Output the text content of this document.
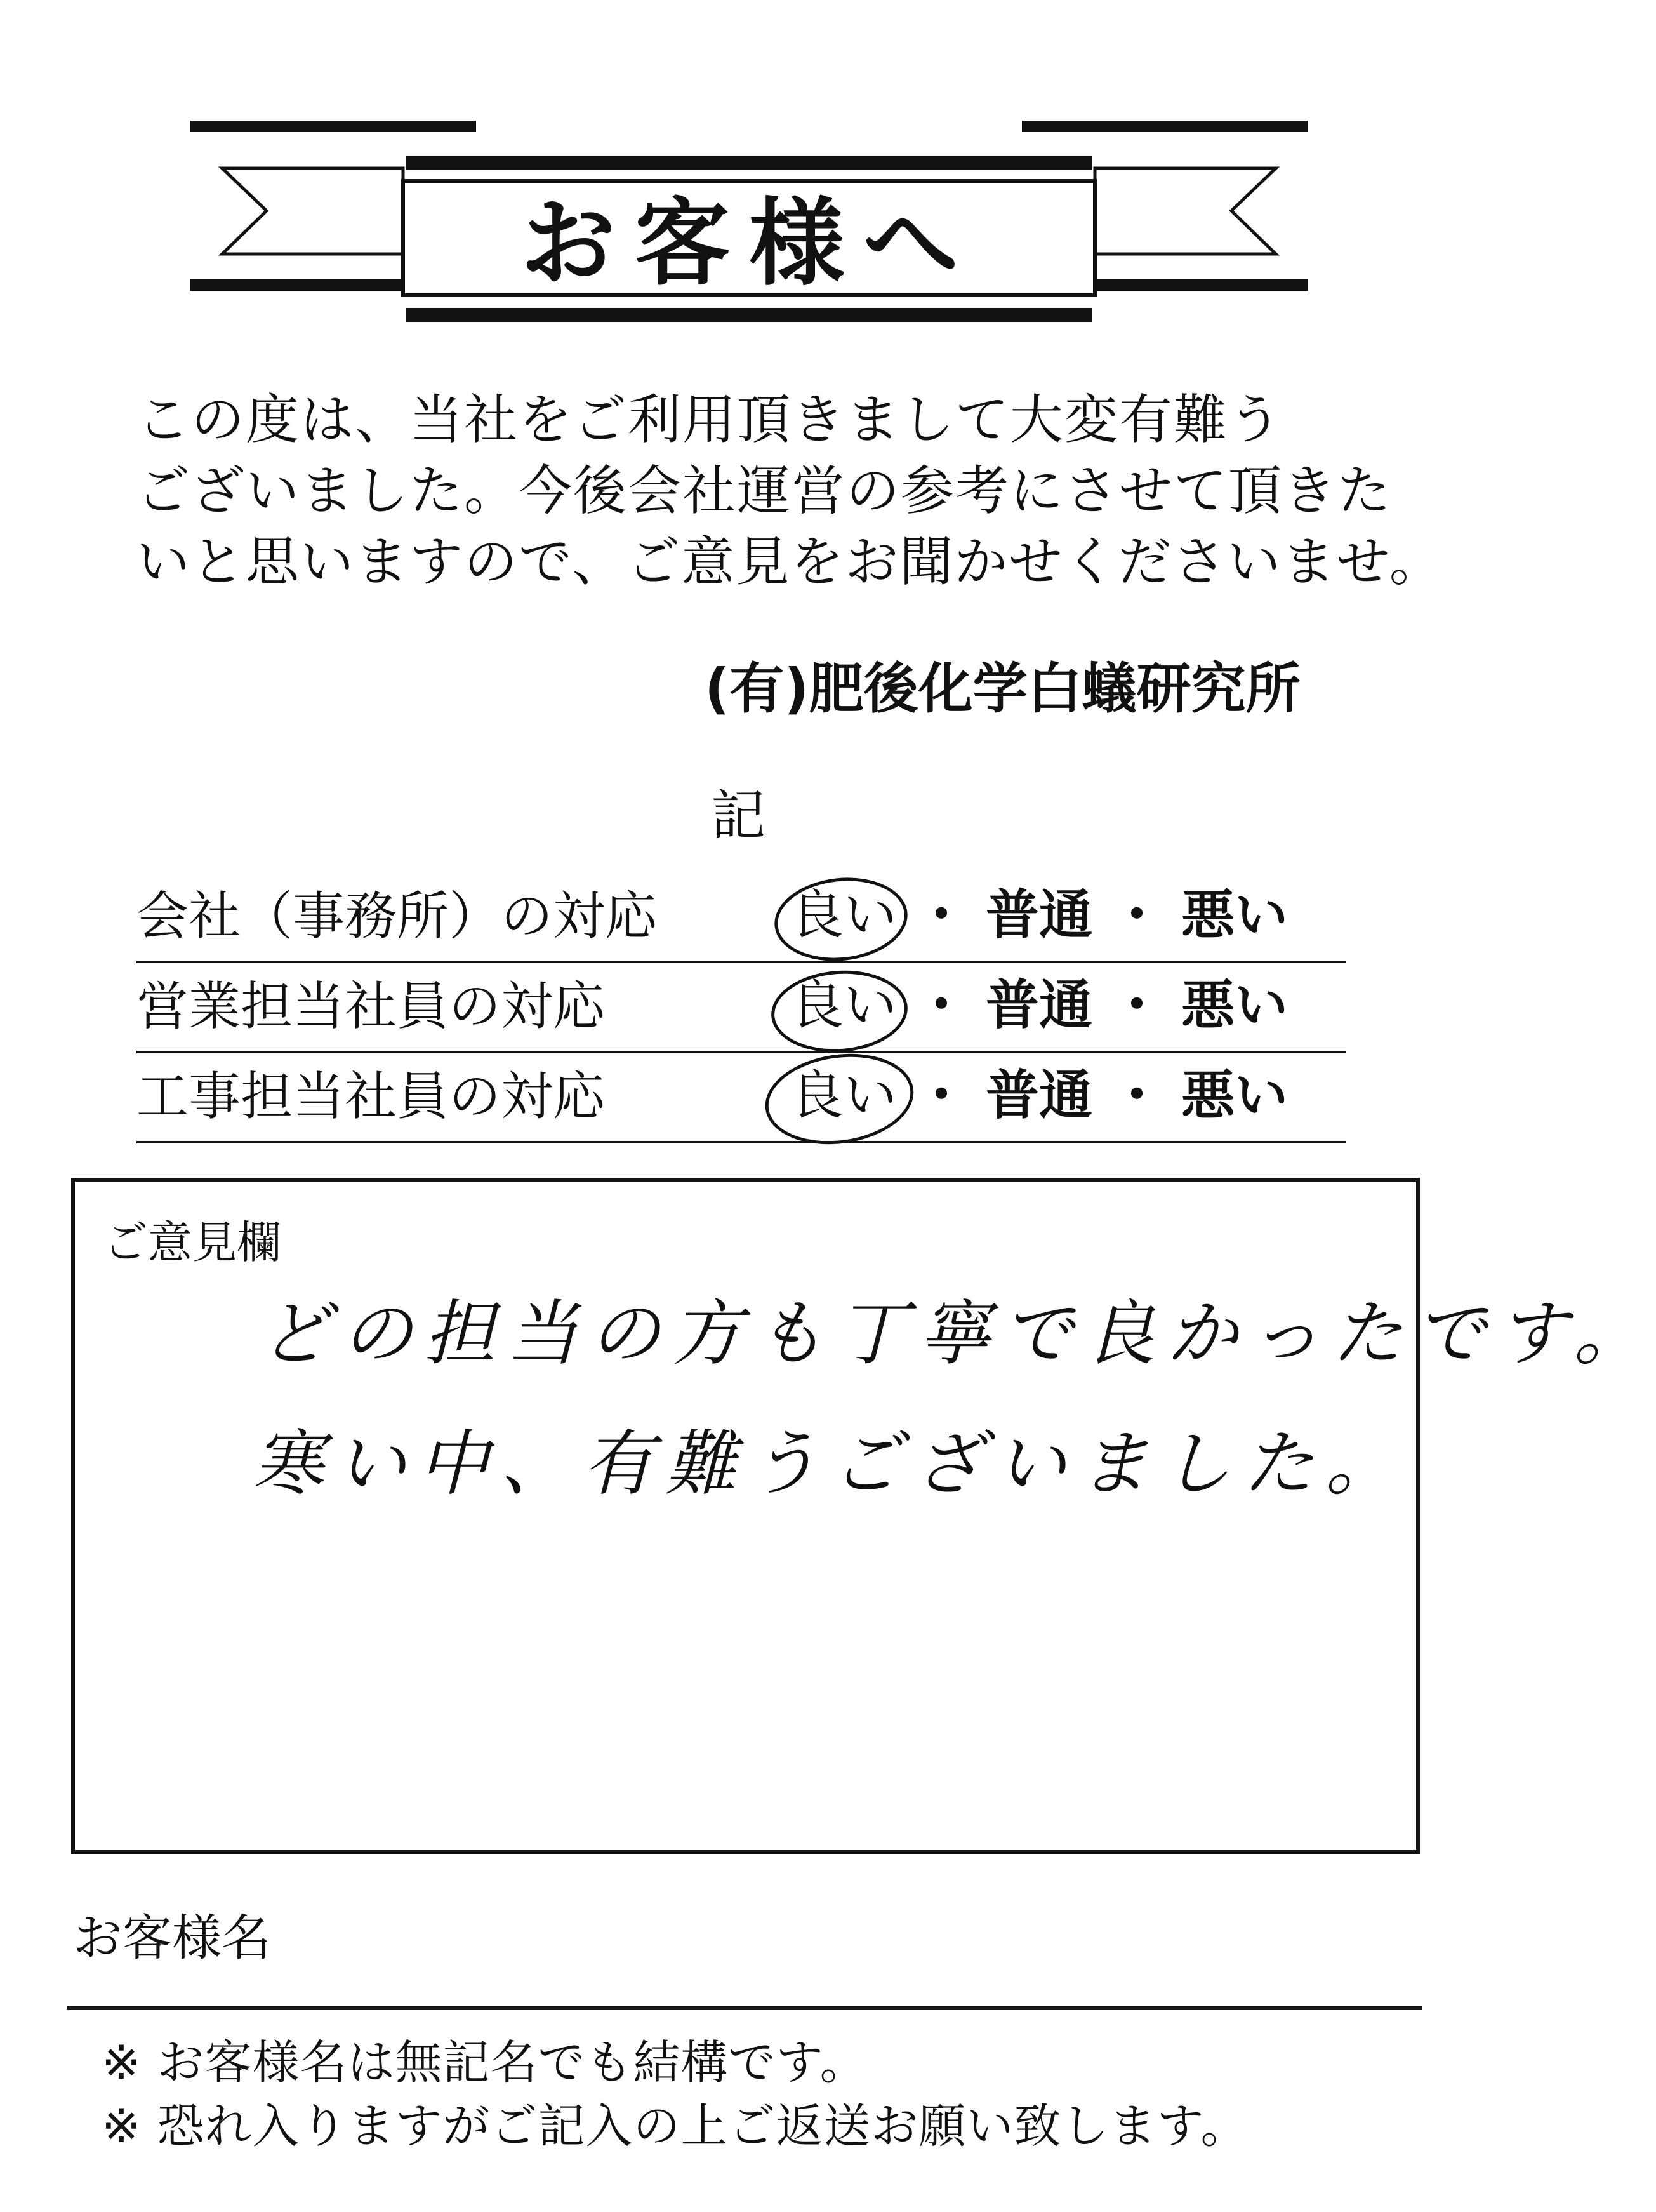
お客様へ

この度は、当社をご利用頂きまして大変有難う

ございました。今後会社運営の参考にさせて頂きた

いと思いますので、ご意見をお聞かせくださいませ。

(有)肥後化学白蟻研究所
記
会社（事務所）の対応 良い ・ 普通 ・ 悪い
営業担当社員の対応	良い ・ 普通 ・ 悪い
工事担当社員の対応	良い ・ 普通 ・ 悪い
ご意見欄
どの担当の方も丁寧で良かったです。
寒い中、有難うございました。
お客様名
※ お客様名は無記名でも結構です。
※ 恐れ入りますがご記入の上ご返送お願い致します。
